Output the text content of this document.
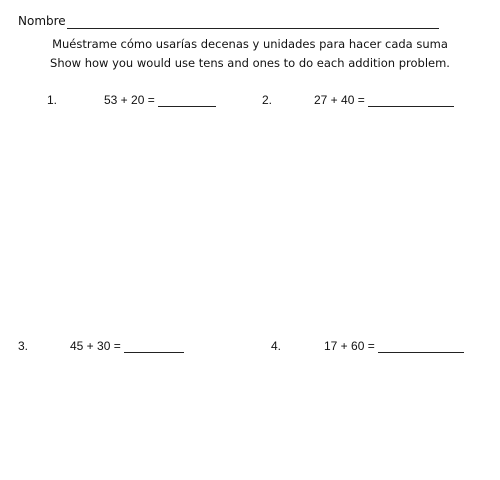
Nombre
Muéstrame cómo usarías decenas y unidades para hacer cada suma
Show how you would use tens and ones to do each addition problem.
1.	53 + 20 =	2.	27 + 40 =
3.	45 + 30 =	4.	17 + 60 =
